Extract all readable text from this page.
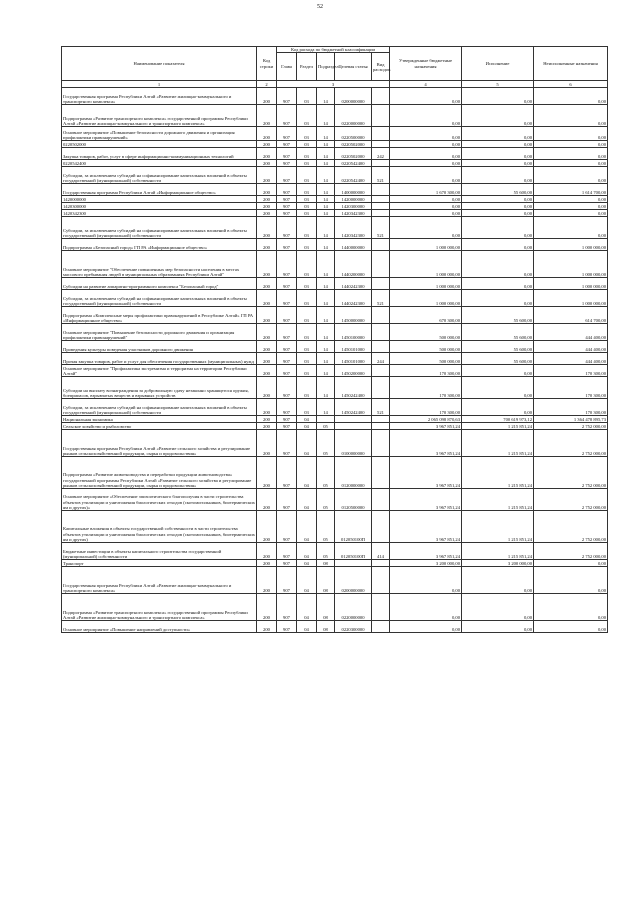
52
Наименование показателя	Код строки	Код расхода по бюджетной классификации					Утвержденные бюджетные назначения	Исполнение	Неисполненные назначения
		Глава	Раздел	Подраздел	Целевая статья	Вид расходов			
1	2	3					4	5	6
Государственная программа Республики Алтай «Развитие жилищно-коммунального и транспортного комплекса»	200	907	03	14	0200000000		0,00	0,00	0,00
Подпрограмма «Развитие транспортного комплекса» государственной программы Республики Алтай «Развитие жилищно-коммунального и транспортного комплекса»	200	907	03	14	0220000000		0,00	0,00	0,00
Основное мероприятие «Повышение безопасности дорожного движения и организация профилактики правонарушений»	200	907	03	14	0220500000		0,00	0,00	0,00
0220502000	200	907	03	14	0220502000		0,00	0,00	0,00
Закупка товаров, работ, услуг в сфере информационно-коммуникационных технологий	200	907	03	14	0220502000	242	0,00	0,00	0,00
0220542400	200	907	03	14	0220542400		0,00	0,00	0,00
Субсидии, за исключением субсидий на софинансирование капитальных вложений в объекты государственной (муниципальной) собственности	200	907	03	14	0220542400	521	0,00	0,00	0,00
Государственная программа Республики Алтай «Информационное общество»	200	907	03	14	1400000000		1 670 300,00	55 600,00	1 614 700,00
1420000000	200	907	03	14	1420000000		0,00	0,00	0,00
1420300000	200	907	03	14	1420300000		0,00	0,00	0,00
1420342300	200	907	03	14	1420342300		0,00	0,00	0,00
Субсидии, за исключением субсидий на софинансирование капитальных вложений в объекты государственной (муниципальной) собственности	200	907	03	14	1420342300	521	0,00	0,00	0,00
Подпрограмма «Безопасный город» ГП РА «Информационное общество»	200	907	03	14	1440000000		1 000 000,00	0,00	1 000 000,00
Основное мероприятие "Обеспечение повышенных мер безопасности населения в местах массового пребывания людей в муниципальных образованиях Республики Алтай"	200	907	03	14	1440200000		1 000 000,00	0,00	1 000 000,00
Субсидии на развитие аппаратно-программного комплекса "Безопасный город"	200	907	03	14	1440242300		1 000 000,00	0,00	1 000 000,00
Субсидии, за исключением субсидий на софинансирование капитальных вложений в объекты государственной (муниципальной) собственности	200	907	03	14	1440242300	521	1 000 000,00	0,00	1 000 000,00
Подпрограмма «Комплексные меры профилактики правонарушений в Республике Алтай» ГП РА «Информационное общество»	200	907	03	14	1450000000		670 300,00	55 600,00	614 700,00
Основное мероприятие "Повышение безопасности дорожного движения и организация профилактики правонарушений"	200	907	03	14	1450100000		500 000,00	55 600,00	444 400,00
Проведения культуры поведения участников дорожного движения	200	907	03	14	1450101000		500 000,00	55 600,00	444 400,00
Прочая закупка товаров, работ и услуг для обеспечения государственных (муниципальных) нужд	200	907	03	14	1450101000	244	500 000,00	55 600,00	444 400,00
Основное мероприятие "Профилактика экстремизма и терроризма на территории Республики Алтай"	200	907	03	14	1450200000		170 300,00	0,00	170 300,00
Субсидии на выплату вознаграждения за добровольную сдачу незаконно хранящегося оружия, боеприпасов, взрывчатых веществ и взрывных устройств	200	907	03	14	1450242400		170 300,00	0,00	170 300,00
Субсидии, за исключением субсидий на софинансирование капитальных вложений в объекты государственной (муниципальной) собственности	200	907	03	14	1450242400	521	170 300,00	0,00	170 300,00
Национальная экономика	200	907	04				2 065 098 870,63	700 619 973,12	1 364 478 895,73
Сельское хозяйство и рыболовство	200	907	04	05			3 967 851,24	1 215 851,24	2 752 000,00
Государственная программа Республики Алтай «Развитие сельского хозяйства и регулирование рынков сельскохозяйственной продукции, сырья и продовольствия»	200	907	04	05	0100000000		3 967 851,24	1 215 851,24	2 752 000,00
Подпрограмма «Развитие животноводства и переработки продукции животноводства» государственной программы Республики Алтай «Развитие сельского хозяйства и регулирование рынков сельскохозяйственной продукции, сырья и продовольствия»	200	907	04	05	0120000000		3 967 851,24	1 215 851,24	2 752 000,00
Основное мероприятие «Обеспечение эпизоотического благополучия в части строительства объектов утилизации и уничтожения биологических отходов (скотомогильников, биотермических ям и других)»	200	907	04	05	0120500000		3 967 851,24	1 215 851,24	2 752 000,00
Капитальные вложения в объекты государственной собственности в части строительства объектов утилизации и уничтожения биологических отходов (скотомогильников, биотермических ям и других)	200	907	04	05	012050100П		3 967 851,24	1 215 851,24	2 752 000,00
Бюджетные инвестиции в объекты капитального строительства государственной (муниципальной) собственности	200	907	04	05	012050100П	414	3 967 851,24	1 215 851,24	2 752 000,00
Транспорт	200	907	04	08			3 200 000,00	3 200 000,00	0,00
Государственная программа Республики Алтай «Развитие жилищно-коммунального и транспортного комплекса»	200	907	04	08	0200000000		0,00	0,00	0,00
Подпрограмма «Развитие транспортного комплекса» государственной программы Республики Алтай «Развитие жилищно-коммунального и транспортного комплекса»	200	907	04	08	0220000000		0,00	0,00	0,00
Основное мероприятие «Повышение направлений доступности»	200	907	04	08	0220300000		0,00	0,00	0,00
